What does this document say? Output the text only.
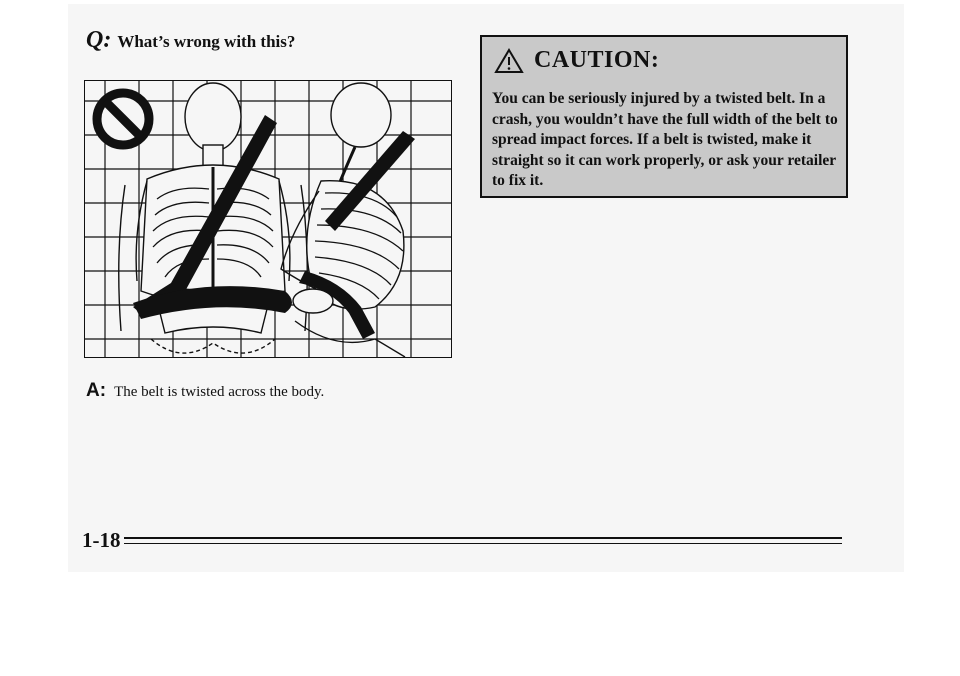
Q: What’s wrong with this?
CAUTION:
You can be seriously injured by a twisted belt. In a crash, you wouldn’t have the full width of the belt to spread impact forces. If a belt is twisted, make it straight so it can work properly, or ask your retailer to fix it.
A: The belt is twisted across the body.
1-18
